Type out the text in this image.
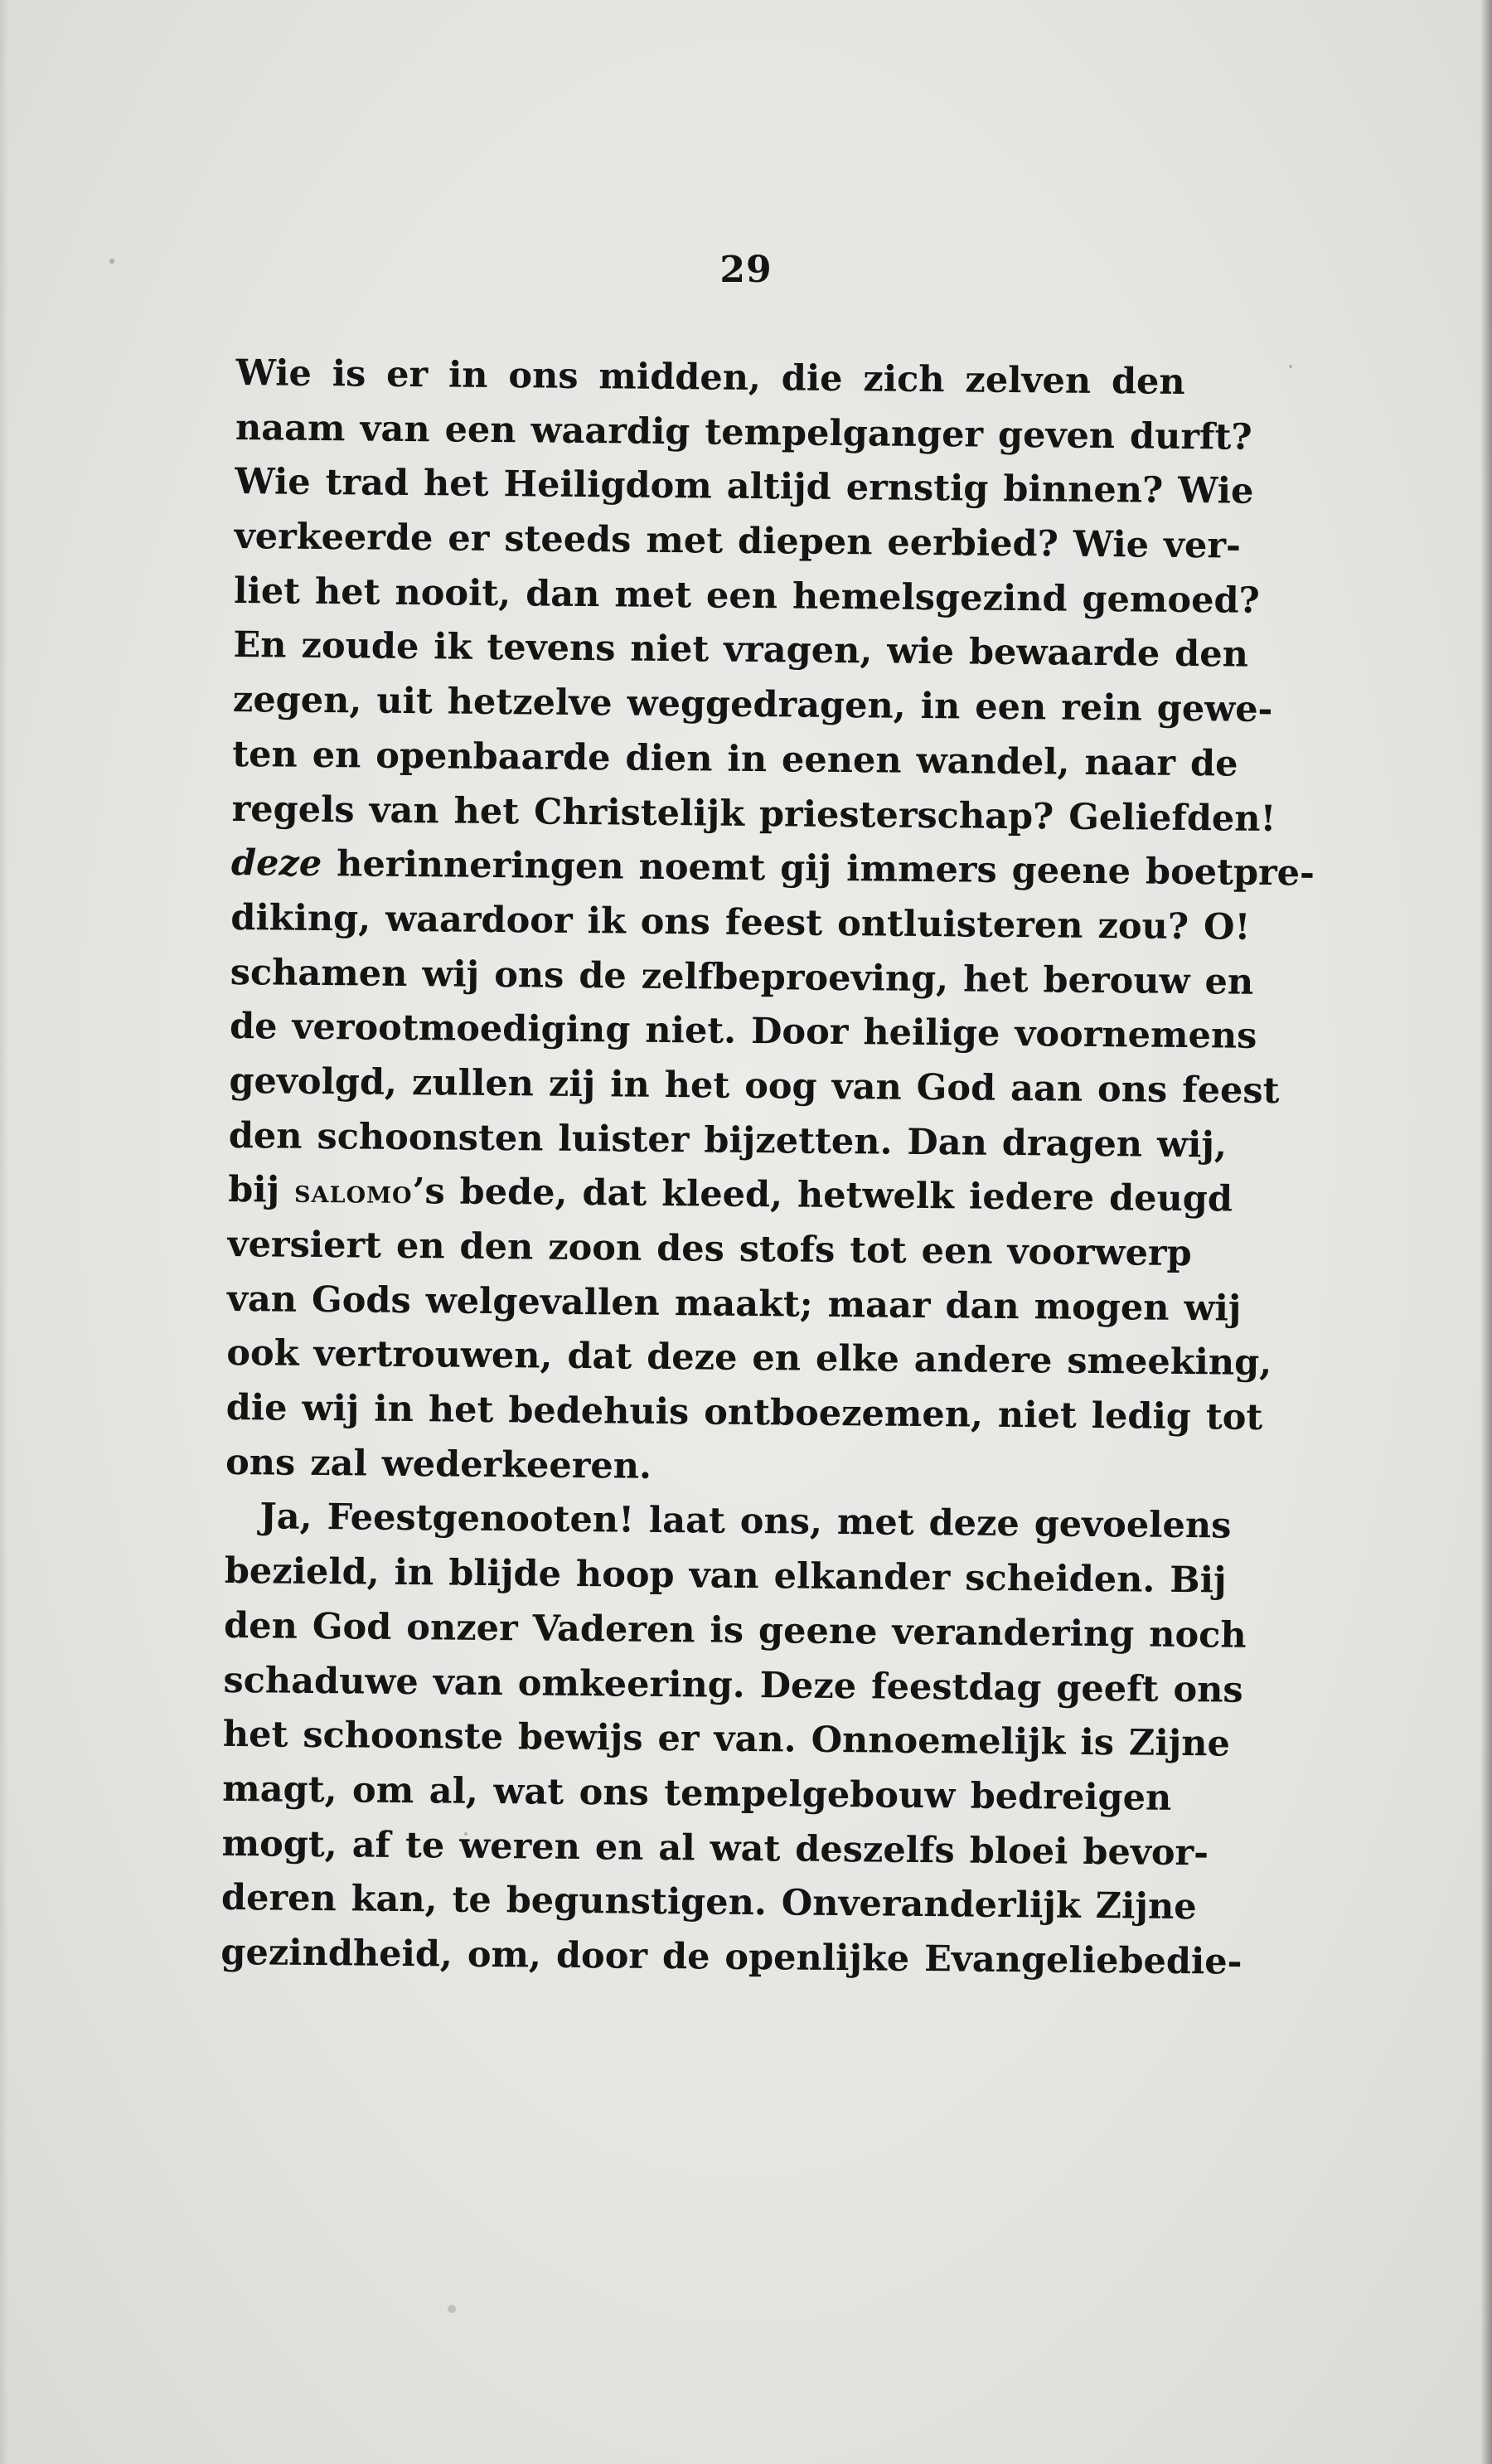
29
Wie is er in ons midden, die zich zelven den
naam van een waardig tempelganger geven durft?
Wie trad het Heiligdom altijd ernstig binnen? Wie
verkeerde er steeds met diepen eerbied? Wie ver-
liet het nooit, dan met een hemelsgezind gemoed?
En zoude ik tevens niet vragen, wie bewaarde den
zegen, uit hetzelve weggedragen, in een rein gewe-
ten en openbaarde dien in eenen wandel, naar de
regels van het Christelijk priesterschap? Geliefden!
deze herinneringen noemt gij immers geene boetpre-
diking, waardoor ik ons feest ontluisteren zou? O!
schamen wij ons de zelfbeproeving, het berouw en
de verootmoediging niet. Door heilige voornemens
gevolgd, zullen zij in het oog van God aan ons feest
den schoonsten luister bijzetten. Dan dragen wij,
bij salomo’s bede, dat kleed, hetwelk iedere deugd
versiert en den zoon des stofs tot een voorwerp
van Gods welgevallen maakt; maar dan mogen wij
ook vertrouwen, dat deze en elke andere smeeking,
die wij in het bedehuis ontboezemen, niet ledig tot
ons zal wederkeeren.
Ja, Feestgenooten! laat ons, met deze gevoelens
bezield, in blijde hoop van elkander scheiden. Bij
den God onzer Vaderen is geene verandering noch
schaduwe van omkeering. Deze feestdag geeft ons
het schoonste bewijs er van. Onnoemelijk is Zijne
magt, om al, wat ons tempelgebouw bedreigen
mogt, af te weren en al wat deszelfs bloei bevor-
deren kan, te begunstigen. Onveranderlijk Zijne
gezindheid, om, door de openlijke Evangeliebedie-
